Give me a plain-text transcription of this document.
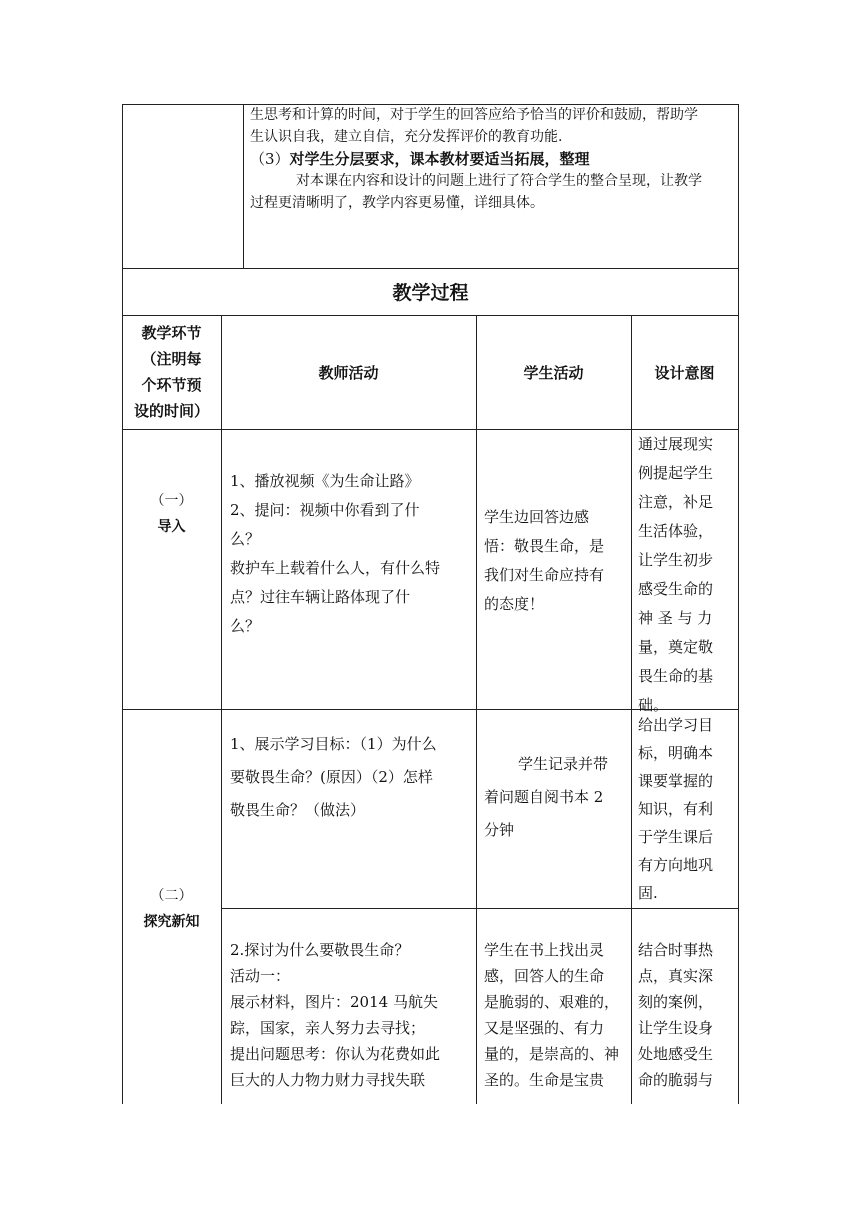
生思考和计算的时间，对于学生的回答应给予恰当的评价和鼓励，帮助学

生认识自我，建立自信，充分发挥评价的教育功能.

（3）对学生分层要求，课本教材要适当拓展，整理

对本课在内容和设计的问题上进行了符合学生的整合呈现，让教学

过程更清晰明了，教学内容更易懂，详细具体。

教学过程

教学环节

（注明每

个环节预

设的时间）

教师活动	学生活动	设计意图

（一）

导入

1、播放视频《为生命让路》

2、提问：视频中你看到了什

么？

救护车上载着什么人，有什么特

点？过往车辆让路体现了什

么？

学生边回答边感

悟：敬畏生命，是

我们对生命应持有

的态度！

通过展现实

例提起学生

注意，补足

生活体验，

让学生初步

感受生命的

神 圣 与 力

量，奠定敬

畏生命的基

础。

（二）

探究新知

1、展示学习目标：（1）为什么

要敬畏生命？(原因）（2）怎样

敬畏生命？（做法）

学生记录并带

着问题自阅书本 2

分钟

给出学习目

标，明确本

课要掌握的

知识，有利

于学生课后

有方向地巩

固.

2.探讨为什么要敬畏生命？

活动一：

展示材料，图片：2014 马航失

踪，国家，亲人努力去寻找；

提出问题思考：你认为花费如此

巨大的人力物力财力寻找失联

学生在书上找出灵

感，回答人的生命

是脆弱的、艰难的，

又是坚强的、有力

量的，是崇高的、神

圣的。生命是宝贵

结合时事热

点，真实深

刻的案例，

让学生设身

处地感受生

命的脆弱与
